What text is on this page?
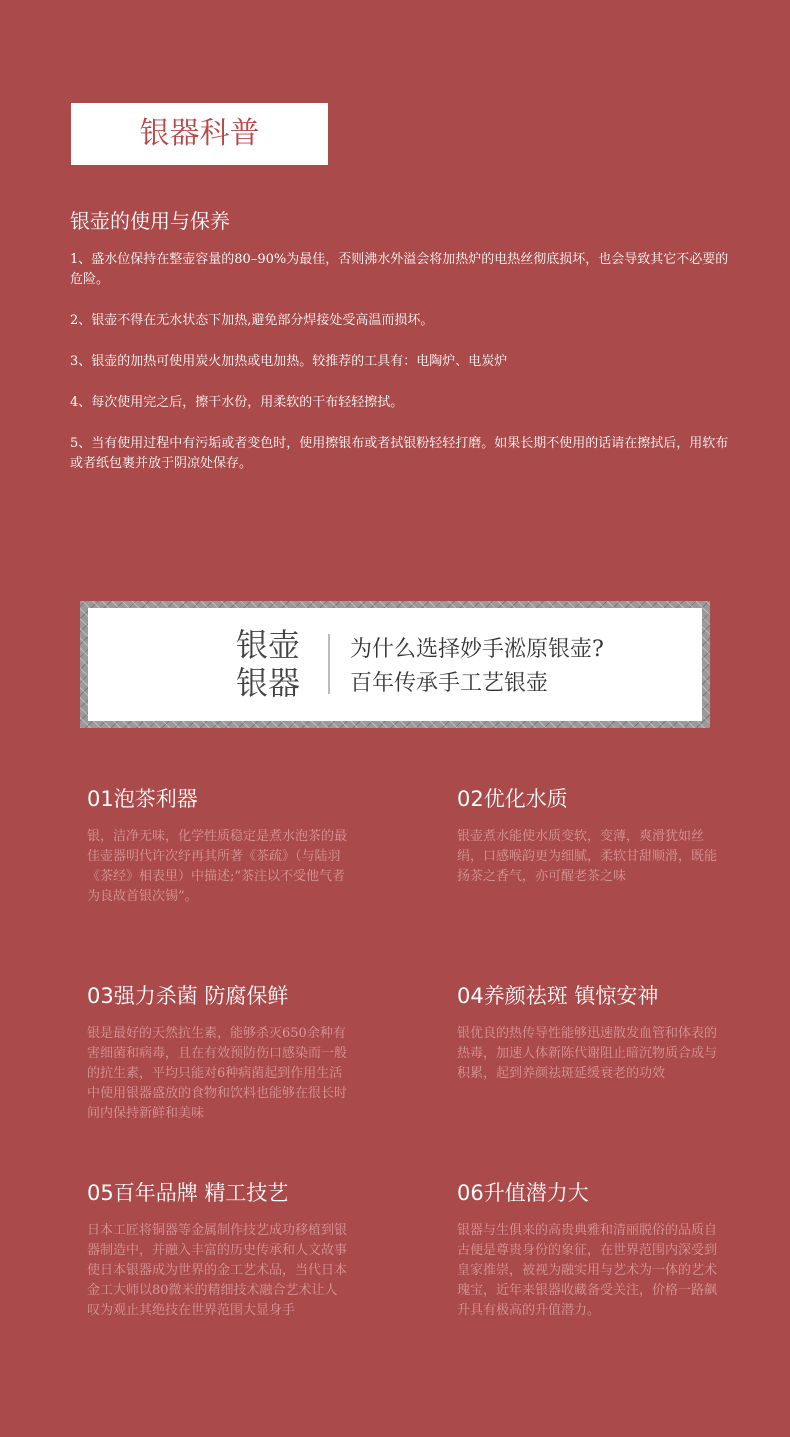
银器科普
银壶的使用与保养

1、盛水位保持在整壶容量的80–90%为最佳，否则沸水外溢会将加热炉的电热丝彻底损坏，也会导致其它不必要的危险。

2、银壶不得在无水状态下加热,避免部分焊接处受高温而损坏。

3、银壶的加热可使用炭火加热或电加热。较推荐的工具有：电陶炉、电炭炉

4、每次使用完之后，擦干水份，用柔软的干布轻轻擦拭。

5、当有使用过程中有污垢或者变色时，使用擦银布或者拭银粉轻轻打磨。如果长期不使用的话请在擦拭后，用软布或者纸包裹并放于阴凉处保存。

银壶
银器
为什么选择妙手淞原银壶?
百年传承手工艺银壶
01泡茶利器

银，洁净无味，化学性质稳定是煮水泡茶的最佳壶器明代许次纾再其所著《茶疏》（与陆羽《茶经》相表里）中描述;“茶注以不受他气者为良故首银次锡”。

02优化水质

银壶煮水能使水质变软，变薄，爽滑犹如丝绢，口感喉韵更为细腻，柔软甘甜顺滑，既能扬茶之香气，亦可醒老茶之味

03强力杀菌 防腐保鲜

银是最好的天然抗生素，能够杀灭650余种有害细菌和病毒，且在有效预防伤口感染而一般的抗生素，平均只能对6种病菌起到作用生活中使用银器盛放的食物和饮料也能够在很长时间内保持新鲜和美味

04养颜祛斑 镇惊安神

银优良的热传导性能够迅速散发血管和体表的热毒，加速人体新陈代谢阻止暗沉物质合成与积累，起到养颜祛斑延缓衰老的功效

05百年品牌 精工技艺

日本工匠将铜器等金属制作技艺成功移植到银器制造中，并融入丰富的历史传承和人文故事使日本银器成为世界的金工艺术品，当代日本金工大师以80微米的精细技术融合艺术让人叹为观止其绝技在世界范围大显身手

06升值潜力大

银器与生俱来的高贵典雅和清丽脱俗的品质自古便是尊贵身份的象征，在世界范围内深受到皇家推崇，被视为融实用与艺术为一体的艺术瑰宝，近年来银器收藏备受关注，价格一路飙升具有极高的升值潜力。
